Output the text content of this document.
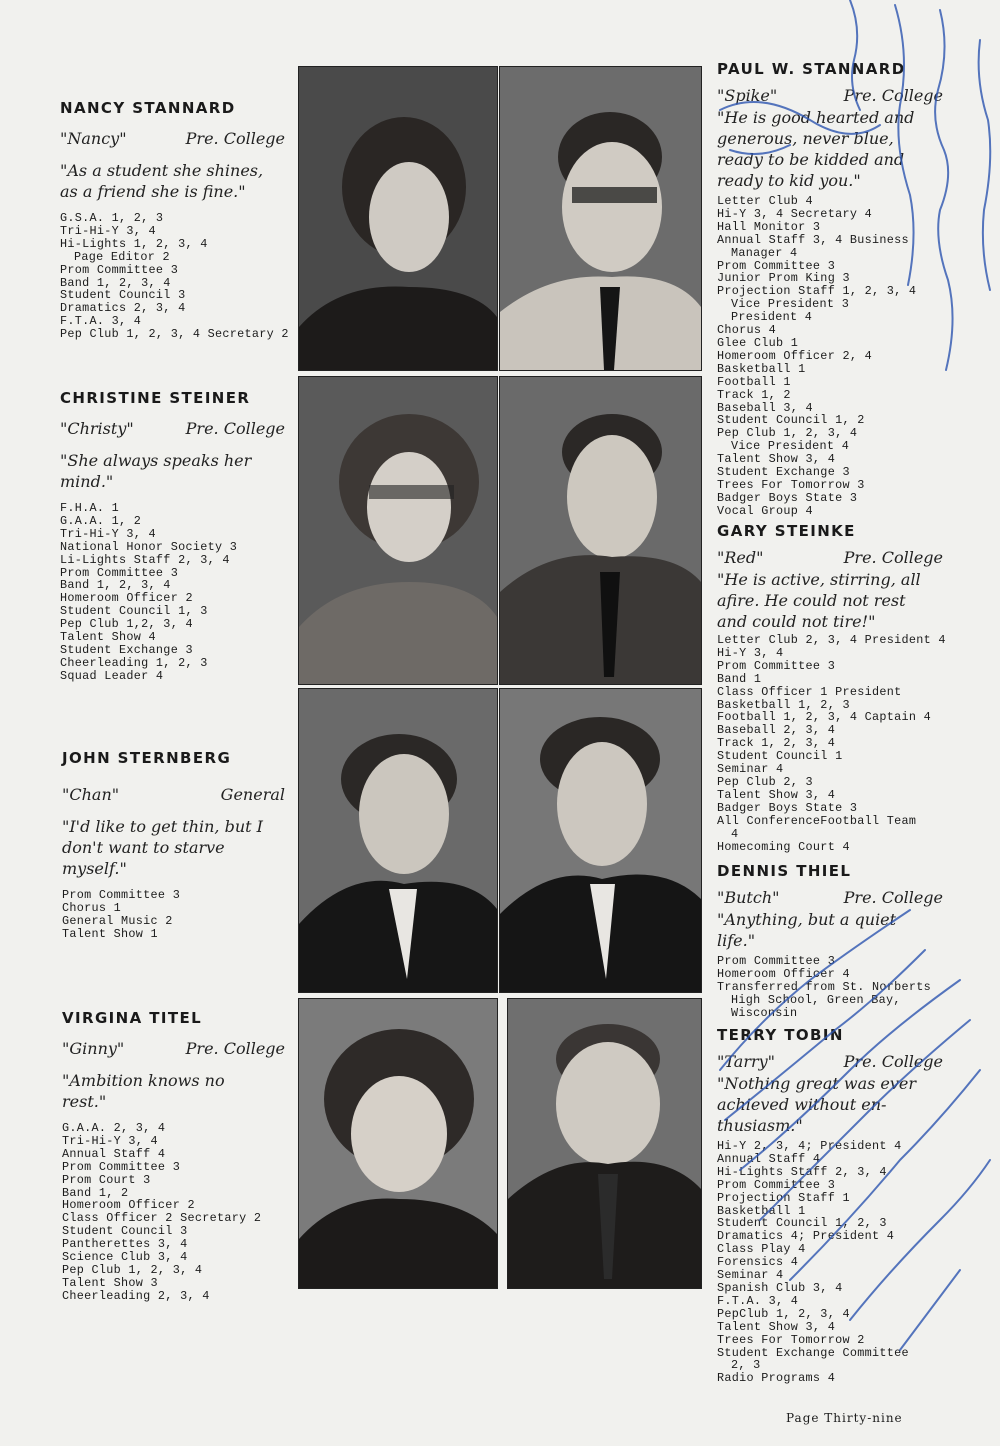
NANCY STANNARD
"Nancy"	Pre. College
"As a student she shines,
as a friend she is fine."
G.S.A. 1, 2, 3
Tri-Hi-Y 3, 4
Hi-Lights 1, 2, 3, 4
Page Editor 2
Prom Committee 3
Band 1, 2, 3, 4
Student Council 3
Dramatics 2, 3, 4
F.T.A. 3, 4
Pep Club 1, 2, 3, 4 Secretary 2
CHRISTINE STEINER
"Christy"	Pre. College
"She always speaks her
mind."
F.H.A. 1
G.A.A. 1, 2
Tri-Hi-Y 3, 4
National Honor Society 3
Li-Lights Staff 2, 3, 4
Prom Committee 3
Band 1, 2, 3, 4
Homeroom Officer 2
Student Council 1, 3
Pep Club 1,2, 3, 4
Talent Show 4
Student Exchange 3
Cheerleading 1, 2, 3
Squad Leader 4
JOHN STERNBERG
"Chan"	General
"I'd like to get thin, but I
don't want to starve
myself."
Prom Committee 3
Chorus 1
General Music 2
Talent Show 1
VIRGINA TITEL
"Ginny"	Pre. College
"Ambition knows no
rest."
G.A.A. 2, 3, 4
Tri-Hi-Y 3, 4
Annual Staff 4
Prom Committee 3
Prom Court 3
Band 1, 2
Homeroom Officer 2
Class Officer 2 Secretary 2
Student Council 3
Pantherettes 3, 4
Science Club 3, 4
Pep Club 1, 2, 3, 4
Talent Show 3
Cheerleading 2, 3, 4
PAUL W. STANNARD
"Spike"	Pre. College
"He is good hearted and
generous, never blue,
ready to be kidded and
ready to kid you."
Letter Club 4
Hi-Y 3, 4 Secretary 4
Hall Monitor 3
Annual Staff 3, 4 Business
Manager 4
Prom Committee 3
Junior Prom King 3
Projection Staff 1, 2, 3, 4
Vice President 3
President 4
Chorus 4
Glee Club 1
Homeroom Officer 2, 4
Basketball 1
Football 1
Track 1, 2
Baseball 3, 4
Student Council 1, 2
Pep Club 1, 2, 3, 4
Vice President 4
Talent Show 3, 4
Student Exchange 3
Trees For Tomorrow 3
Badger Boys State 3
Vocal Group 4
GARY STEINKE
"Red"	Pre. College
"He is active, stirring, all
afire. He could not rest
and could not tire!"
Letter Club 2, 3, 4 President 4
Hi-Y 3, 4
Prom Committee 3
Band 1
Class Officer 1 President
Basketball 1, 2, 3
Football 1, 2, 3, 4 Captain 4
Baseball 2, 3, 4
Track 1, 2, 3, 4
Student Council 1
Seminar 4
Pep Club 2, 3
Talent Show 3, 4
Badger Boys State 3
All ConferenceFootball Team
4
Homecoming Court 4
DENNIS THIEL
"Butch"	Pre. College
"Anything, but a quiet
life."
Prom Committee 3
Homeroom Officer 4
Transferred from St. Norberts
High School, Green Bay,
Wisconsin
TERRY TOBIN
"Tarry"	Pre. College
"Nothing great was ever
achieved without en-
thusiasm."
Hi-Y 2, 3, 4; President 4
Annual Staff 4
Hi-Lights Staff 2, 3, 4
Prom Committee 3
Projection Staff 1
Basketball 1
Student Council 1, 2, 3
Dramatics 4; President 4
Class Play 4
Forensics 4
Seminar 4
Spanish Club 3, 4
F.T.A. 3, 4
PepClub 1, 2, 3, 4
Talent Show 3, 4
Trees For Tomorrow 2
Student Exchange Committee
2, 3
Radio Programs 4
Page Thirty-nine
